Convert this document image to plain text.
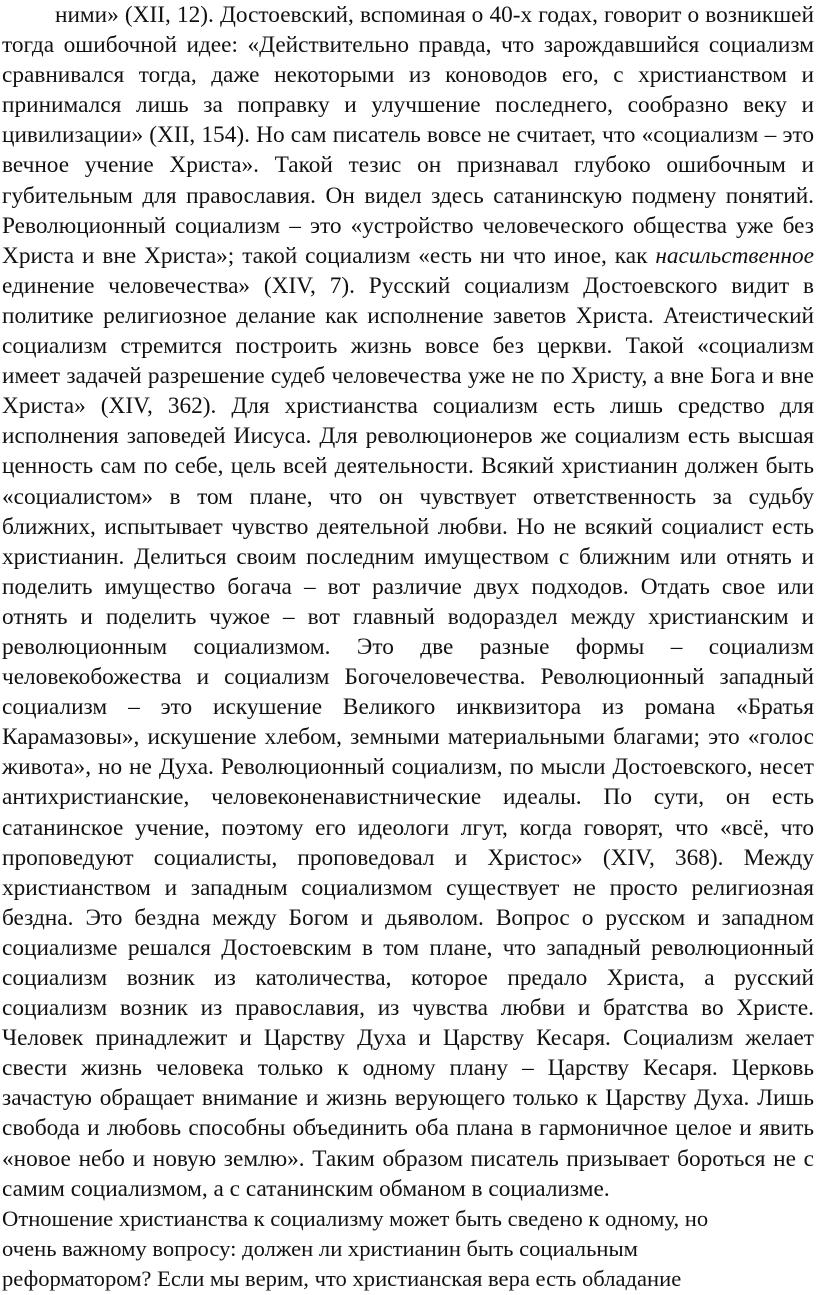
ними» (XII, 12). Достоевский, вспоминая о 40-х годах, говорит о возникшей тогда ошибочной идее: «Действительно правда, что зарождавшийся социализм сравнивался тогда, даже некоторыми из коноводов его, с христианством и принимался лишь за поправку и улучшение последнего, сообразно веку и цивилизации» (XII, 154). Но сам писатель вовсе не считает, что «социализм – это вечное учение Христа». Такой тезис он признавал глубоко ошибочным и губительным для православия. Он видел здесь сатанинскую подмену понятий. Революционный социализм – это «устройство человеческого общества уже без Христа и вне Христа»; такой социализм «есть ни что иное, как насильственное единение человечества» (XIV, 7). Русский социализм Достоевского видит в политике религиозное делание как исполнение заветов Христа. Атеистический социализм стремится построить жизнь вовсе без церкви. Такой «социализм имеет задачей разрешение судеб человечества уже не по Христу, а вне Бога и вне Христа» (XIV, 362). Для христианства социализм есть лишь средство для исполнения заповедей Иисуса. Для революционеров же социализм есть высшая ценность сам по себе, цель всей деятельности. Всякий христианин должен быть «социалистом» в том плане, что он чувствует ответственность за судьбу ближних, испытывает чувство деятельной любви. Но не всякий социалист есть христианин. Делиться своим последним имуществом с ближним или отнять и поделить имущество богача – вот различие двух подходов. Отдать свое или отнять и поделить чужое – вот главный водораздел между христианским и революционным социализмом. Это две разные формы – социализм человекобожества и социализм Богочеловечества. Революционный западный социализм – это искушение Великого инквизитора из романа «Братья Карамазовы», искушение хлебом, земными материальными благами; это «голос живота», но не Духа. Революционный социализм, по мысли Достоевского, несет антихристианские, человеконенавистнические идеалы. По сути, он есть сатанинское учение, поэтому его идеологи лгут, когда говорят, что «всё, что проповедуют социалисты, проповедовал и Христос» (XIV, 368). Между христианством и западным социализмом существует не просто религиозная бездна. Это бездна между Богом и дьяволом. Вопрос о русском и западном социализме решался Достоевским в том плане, что западный революционный социализм возник из католичества, которое предало Христа, а русский социализм возник из православия, из чувства любви и братства во Христе. Человек принадлежит и Царству Духа и Царству Кесаря. Социализм желает свести жизнь человека только к одному плану – Царству Кесаря. Церковь зачастую обращает внимание и жизнь верующего только к Царству Духа. Лишь свобода и любовь способны объединить оба плана в гармоничное целое и явить «новое небо и новую землю». Таким образом писатель призывает бороться не с самим социализмом, а с сатанинским обманом в социализме.

Отношение христианства к социализму может быть сведено к одному, но
очень важному вопросу: должен ли христианин быть социальным
реформатором? Если мы верим, что христианская вера есть обладание
